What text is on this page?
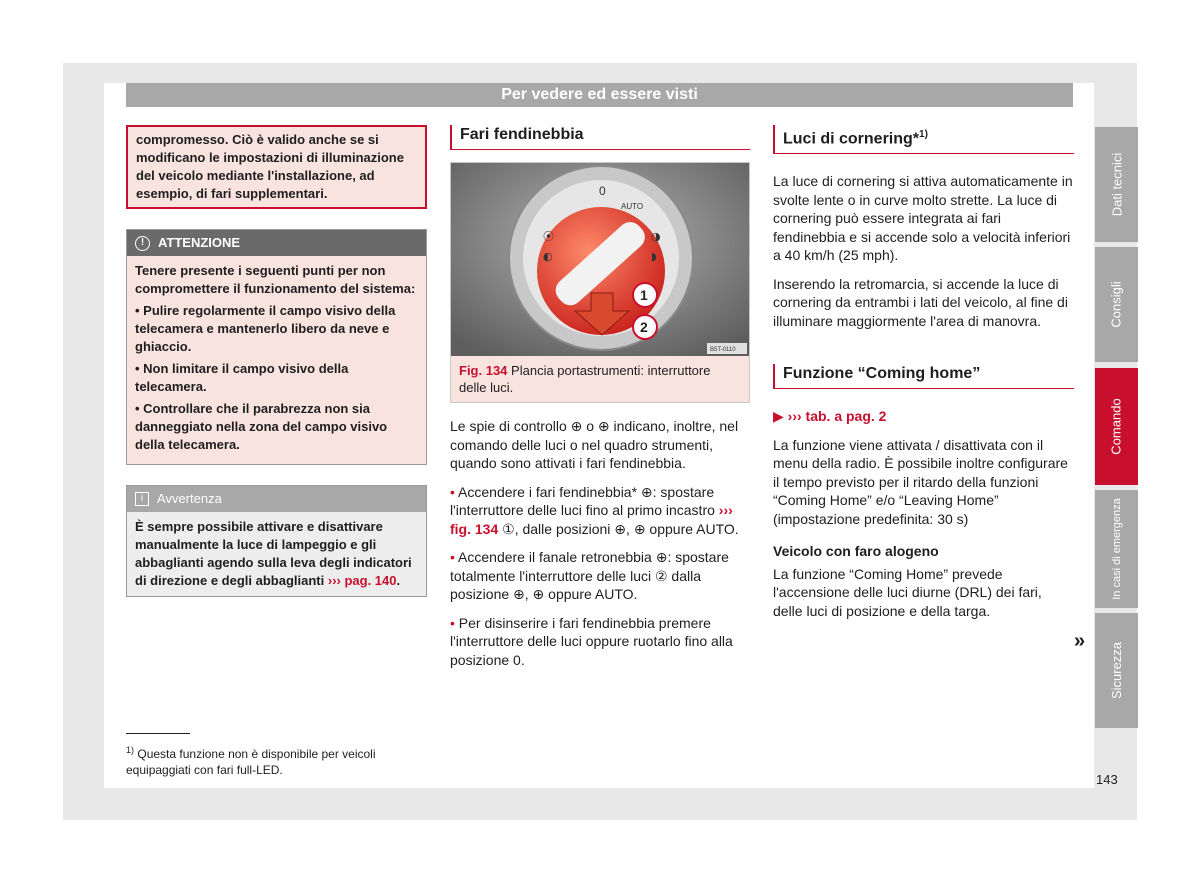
Per vedere ed essere visti
compromesso. Ciò è valido anche se si modificano le impostazioni di illuminazione del veicolo mediante l'installazione, ad esempio, di fari supplementari.
!	ATTENZIONE

Tenere presente i seguenti punti per non compromettere il funzionamento del sistema:

• Pulire regolarmente il campo visivo della telecamera e mantenerlo libero da neve e ghiaccio.

• Non limitare il campo visivo della telecamera.

• Controllare che il parabrezza non sia danneggiato nella zona del campo visivo della telecamera.

i	Avvertenza
È sempre possibile attivare e disattivare manualmente la luce di lampeggio e gli abbaglianti agendo sulla leva degli indicatori di direzione e degli abbaglianti ››› pag. 140.
Fari fendinebbia
0
AUTO
⦿
◐
◑
◗
1
2
B5T-0110
Fig. 134 Plancia portastrumenti: interruttore delle luci.

Le spie di controllo ⊕ o ⊕ indicano, inoltre, nel comando delle luci o nel quadro strumenti, quando sono attivati i fari fendinebbia.

• Accendere i fari fendinebbia* ⊕: spostare l'interruttore delle luci fino al primo incastro ››› fig. 134 ①, dalle posizioni ⊕, ⊕ oppure AUTO.

• Accendere il fanale retronebbia ⊕: spostare totalmente l'interruttore delle luci ② dalla posizione ⊕, ⊕ oppure AUTO.

• Per disinserire i fari fendinebbia premere l'interruttore delle luci oppure ruotarlo fino alla posizione 0.

Luci di cornering*$^{1)}$

La luce di cornering si attiva automaticamente in svolte lente o in curve molto strette. La luce di cornering può essere integrata ai fari fendinebbia e si accende solo a velocità inferiori a 40 km/h (25 mph).

Inserendo la retromarcia, si accende la luce di cornering da entrambi i lati del veicolo, al fine di illuminare maggiormente l'area di manovra.

Funzione “Coming home”

▶ ››› tab. a pag. 2

La funzione viene attivata / disattivata con il menu della radio. È possibile inoltre configurare il tempo previsto per il ritardo della funzioni “Coming Home” e/o “Leaving Home” (impostazione predefinita: 30 s)

Veicolo con faro alogeno

La funzione “Coming Home” prevede l'accensione delle luci diurne (DRL) dei fari, delle luci di posizione e della targa.

»
Dati tecnici
Consigli
Comando
In casi di emergenza
Sicurezza
$^{1)}$ Questa funzione non è disponibile per veicoli equipaggiati con fari full-LED.
143
